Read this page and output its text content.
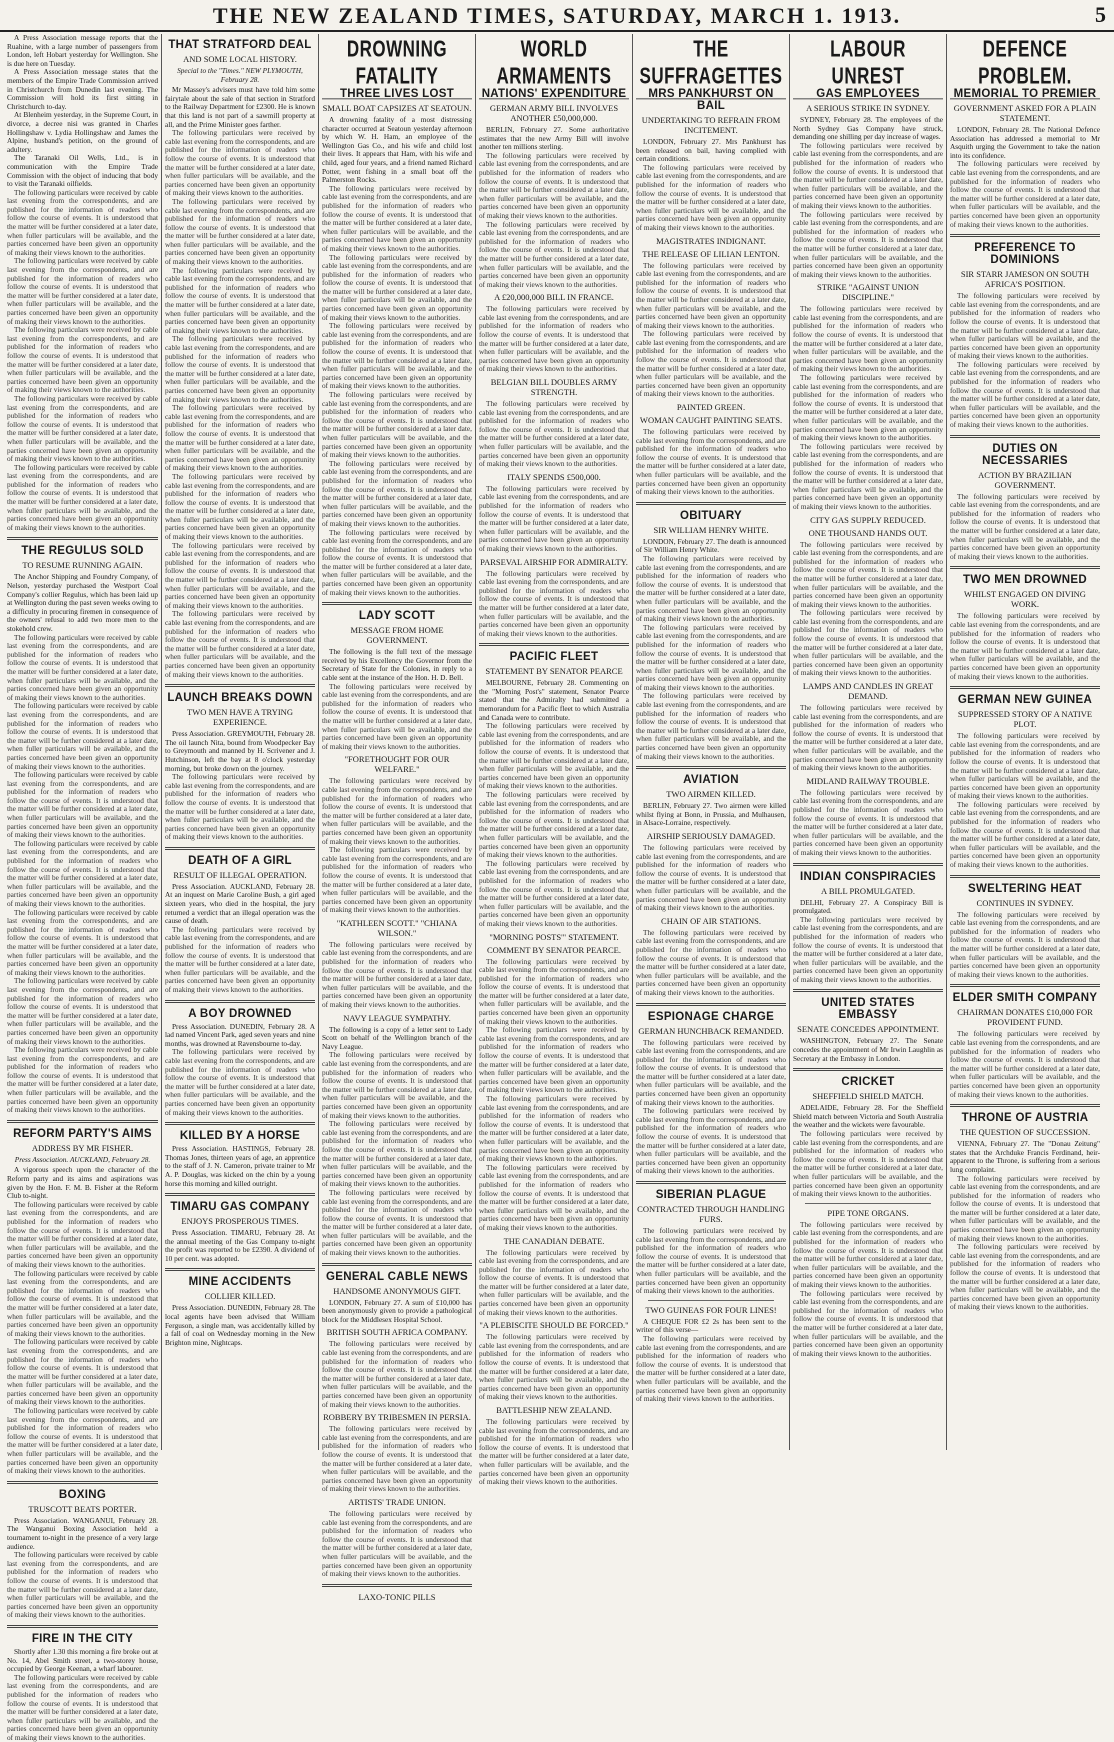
THE NEW ZEALAND TIMES, SATURDAY, MARCH 1. 1913.	5

A Press Association message reports that the Ruahine, with a large number of passengers from London, left Hobart yesterday for Wellington. She is due here on Tuesday.

A Press Association message states that the members of the Empire Trade Commission arrived in Christchurch from Dunedin last evening. The Commission will hold its first sitting in Christchurch to-day.

At Blenheim yesterday, in the Supreme Court, in divorce, a decree nisi was granted in Charles Hollingshaw v. Lydia Hollingshaw and James the Alpine, husband's petition, on the ground of adultery.

The Taranaki Oil Wells, Ltd., is in communication with the Empire Trade Commission with the object of inducing that body to visit the Taranaki oilfields.

The following particulars were received by cable last evening from the correspondents, and are published for the information of readers who follow the course of events. It is understood that the matter will be further considered at a later date, when fuller particulars will be available, and the parties concerned have been given an opportunity of making their views known to the authorities.

The following particulars were received by cable last evening from the correspondents, and are published for the information of readers who follow the course of events. It is understood that the matter will be further considered at a later date, when fuller particulars will be available, and the parties concerned have been given an opportunity of making their views known to the authorities.

The following particulars were received by cable last evening from the correspondents, and are published for the information of readers who follow the course of events. It is understood that the matter will be further considered at a later date, when fuller particulars will be available, and the parties concerned have been given an opportunity of making their views known to the authorities.

The following particulars were received by cable last evening from the correspondents, and are published for the information of readers who follow the course of events. It is understood that the matter will be further considered at a later date, when fuller particulars will be available, and the parties concerned have been given an opportunity of making their views known to the authorities.

The following particulars were received by cable last evening from the correspondents, and are published for the information of readers who follow the course of events. It is understood that the matter will be further considered at a later date, when fuller particulars will be available, and the parties concerned have been given an opportunity of making their views known to the authorities.

THE REGULUS SOLD
TO RESUME RUNNING AGAIN.

The Anchor Shipping and Foundry Company, of Nelson, yesterday purchased the Westport Coal Company's collier Regulus, which has been laid up at Wellington during the past seven weeks owing to a difficulty in procuring firemen in consequence of the owners' refusal to add two more men to the stokehold crew.

The following particulars were received by cable last evening from the correspondents, and are published for the information of readers who follow the course of events. It is understood that the matter will be further considered at a later date, when fuller particulars will be available, and the parties concerned have been given an opportunity of making their views known to the authorities.

The following particulars were received by cable last evening from the correspondents, and are published for the information of readers who follow the course of events. It is understood that the matter will be further considered at a later date, when fuller particulars will be available, and the parties concerned have been given an opportunity of making their views known to the authorities.

The following particulars were received by cable last evening from the correspondents, and are published for the information of readers who follow the course of events. It is understood that the matter will be further considered at a later date, when fuller particulars will be available, and the parties concerned have been given an opportunity of making their views known to the authorities.

The following particulars were received by cable last evening from the correspondents, and are published for the information of readers who follow the course of events. It is understood that the matter will be further considered at a later date, when fuller particulars will be available, and the parties concerned have been given an opportunity of making their views known to the authorities.

The following particulars were received by cable last evening from the correspondents, and are published for the information of readers who follow the course of events. It is understood that the matter will be further considered at a later date, when fuller particulars will be available, and the parties concerned have been given an opportunity of making their views known to the authorities.

The following particulars were received by cable last evening from the correspondents, and are published for the information of readers who follow the course of events. It is understood that the matter will be further considered at a later date, when fuller particulars will be available, and the parties concerned have been given an opportunity of making their views known to the authorities.

The following particulars were received by cable last evening from the correspondents, and are published for the information of readers who follow the course of events. It is understood that the matter will be further considered at a later date, when fuller particulars will be available, and the parties concerned have been given an opportunity of making their views known to the authorities.

REFORM PARTY'S AIMS
ADDRESS BY MR FISHER.

Press Association. AUCKLAND, February 28.

A vigorous speech upon the character of the Reform party and its aims and aspirations was given by the Hon. F. M. B. Fisher at the Reform Club to-night.

The following particulars were received by cable last evening from the correspondents, and are published for the information of readers who follow the course of events. It is understood that the matter will be further considered at a later date, when fuller particulars will be available, and the parties concerned have been given an opportunity of making their views known to the authorities.

The following particulars were received by cable last evening from the correspondents, and are published for the information of readers who follow the course of events. It is understood that the matter will be further considered at a later date, when fuller particulars will be available, and the parties concerned have been given an opportunity of making their views known to the authorities.

The following particulars were received by cable last evening from the correspondents, and are published for the information of readers who follow the course of events. It is understood that the matter will be further considered at a later date, when fuller particulars will be available, and the parties concerned have been given an opportunity of making their views known to the authorities.

The following particulars were received by cable last evening from the correspondents, and are published for the information of readers who follow the course of events. It is understood that the matter will be further considered at a later date, when fuller particulars will be available, and the parties concerned have been given an opportunity of making their views known to the authorities.

BOXING
TRUSCOTT BEATS PORTER.

Press Association. WANGANUI, February 28. The Wanganui Boxing Association held a tournament to-night in the presence of a very large audience.

The following particulars were received by cable last evening from the correspondents, and are published for the information of readers who follow the course of events. It is understood that the matter will be further considered at a later date, when fuller particulars will be available, and the parties concerned have been given an opportunity of making their views known to the authorities.

FIRE IN THE CITY

Shortly after 1.30 this morning a fire broke out at No. 14, Abel Smith street, a two-storey house, occupied by George Keenan, a wharf labourer.

The following particulars were received by cable last evening from the correspondents, and are published for the information of readers who follow the course of events. It is understood that the matter will be further considered at a later date, when fuller particulars will be available, and the parties concerned have been given an opportunity of making their views known to the authorities.

THAT STRATFORD DEAL
AND SOME LOCAL HISTORY.

Special to the "Times." NEW PLYMOUTH, February 28.

Mr Massey's advisers must have told him some fairytale about the sale of that section in Stratford to the Railway Department for £2300. He is known that this land is not part of a sawmill property at all, and the Prime Minister goes farther.

The following particulars were received by cable last evening from the correspondents, and are published for the information of readers who follow the course of events. It is understood that the matter will be further considered at a later date, when fuller particulars will be available, and the parties concerned have been given an opportunity of making their views known to the authorities.

The following particulars were received by cable last evening from the correspondents, and are published for the information of readers who follow the course of events. It is understood that the matter will be further considered at a later date, when fuller particulars will be available, and the parties concerned have been given an opportunity of making their views known to the authorities.

The following particulars were received by cable last evening from the correspondents, and are published for the information of readers who follow the course of events. It is understood that the matter will be further considered at a later date, when fuller particulars will be available, and the parties concerned have been given an opportunity of making their views known to the authorities.

The following particulars were received by cable last evening from the correspondents, and are published for the information of readers who follow the course of events. It is understood that the matter will be further considered at a later date, when fuller particulars will be available, and the parties concerned have been given an opportunity of making their views known to the authorities.

The following particulars were received by cable last evening from the correspondents, and are published for the information of readers who follow the course of events. It is understood that the matter will be further considered at a later date, when fuller particulars will be available, and the parties concerned have been given an opportunity of making their views known to the authorities.

The following particulars were received by cable last evening from the correspondents, and are published for the information of readers who follow the course of events. It is understood that the matter will be further considered at a later date, when fuller particulars will be available, and the parties concerned have been given an opportunity of making their views known to the authorities.

The following particulars were received by cable last evening from the correspondents, and are published for the information of readers who follow the course of events. It is understood that the matter will be further considered at a later date, when fuller particulars will be available, and the parties concerned have been given an opportunity of making their views known to the authorities.

The following particulars were received by cable last evening from the correspondents, and are published for the information of readers who follow the course of events. It is understood that the matter will be further considered at a later date, when fuller particulars will be available, and the parties concerned have been given an opportunity of making their views known to the authorities.

LAUNCH BREAKS DOWN
TWO MEN HAVE A TRYING EXPERIENCE.

Press Association. GREYMOUTH, February 28. The oil launch Nita, bound from Woodpecker Bay to Greymouth and manned by H. Scrivener and J. Hutchinson, left the bay at 8 o'clock yesterday morning, but broke down on the journey.

The following particulars were received by cable last evening from the correspondents, and are published for the information of readers who follow the course of events. It is understood that the matter will be further considered at a later date, when fuller particulars will be available, and the parties concerned have been given an opportunity of making their views known to the authorities.

DEATH OF A GIRL
RESULT OF ILLEGAL OPERATION.

Press Association. AUCKLAND, February 28. At an inquest on Marie Caroline Bush, a girl aged sixteen years, who died in the hospital, the jury returned a verdict that an illegal operation was the cause of death.

The following particulars were received by cable last evening from the correspondents, and are published for the information of readers who follow the course of events. It is understood that the matter will be further considered at a later date, when fuller particulars will be available, and the parties concerned have been given an opportunity of making their views known to the authorities.

A BOY DROWNED

Press Association. DUNEDIN, February 28. A lad named Vincent Park, aged seven years and nine months, was drowned at Ravensbourne to-day.

The following particulars were received by cable last evening from the correspondents, and are published for the information of readers who follow the course of events. It is understood that the matter will be further considered at a later date, when fuller particulars will be available, and the parties concerned have been given an opportunity of making their views known to the authorities.

KILLED BY A HORSE

Press Association. HASTINGS, February 28. Thomas Jones, thirteen years of age, an apprentice to the staff of J. N. Cameron, private trainer to Mr A. P. Douglas, was kicked on the chin by a young horse this morning and killed outright.

TIMARU GAS COMPANY
ENJOYS PROSPEROUS TIMES.

Press Association. TIMARU, February 28. At the annual meeting of the Gas Company to-night the profit was reported to be £2390. A dividend of 10 per cent. was adopted.

MINE ACCIDENTS
COLLIER KILLED.

Press Association. DUNEDIN, February 28. The local agents have been advised that William Ferguson, a single man, was accidentally killed by a fall of coal on Wednesday morning in the New Brighton mine, Nightcaps.

DROWNING FATALITY
THREE LIVES LOST
SMALL BOAT CAPSIZES AT SEATOUN.

A drowning fatality of a most distressing character occurred at Seatoun yesterday afternoon by which W. H. Ham, an employee of the Wellington Gas Co., and his wife and child lost their lives. It appears that Ham, with his wife and child, aged four years, and a friend named Richard Potter, went fishing in a small boat off the Palmerston Rocks.

The following particulars were received by cable last evening from the correspondents, and are published for the information of readers who follow the course of events. It is understood that the matter will be further considered at a later date, when fuller particulars will be available, and the parties concerned have been given an opportunity of making their views known to the authorities.

The following particulars were received by cable last evening from the correspondents, and are published for the information of readers who follow the course of events. It is understood that the matter will be further considered at a later date, when fuller particulars will be available, and the parties concerned have been given an opportunity of making their views known to the authorities.

The following particulars were received by cable last evening from the correspondents, and are published for the information of readers who follow the course of events. It is understood that the matter will be further considered at a later date, when fuller particulars will be available, and the parties concerned have been given an opportunity of making their views known to the authorities.

The following particulars were received by cable last evening from the correspondents, and are published for the information of readers who follow the course of events. It is understood that the matter will be further considered at a later date, when fuller particulars will be available, and the parties concerned have been given an opportunity of making their views known to the authorities.

The following particulars were received by cable last evening from the correspondents, and are published for the information of readers who follow the course of events. It is understood that the matter will be further considered at a later date, when fuller particulars will be available, and the parties concerned have been given an opportunity of making their views known to the authorities.

The following particulars were received by cable last evening from the correspondents, and are published for the information of readers who follow the course of events. It is understood that the matter will be further considered at a later date, when fuller particulars will be available, and the parties concerned have been given an opportunity of making their views known to the authorities.

LADY SCOTT
MESSAGE FROM HOME GOVERNMENT.

The following is the full text of the message received by his Excellency the Governor from the Secretary of State for the Colonies, in reply to a cable sent at the instance of the Hon. H. D. Bell.

The following particulars were received by cable last evening from the correspondents, and are published for the information of readers who follow the course of events. It is understood that the matter will be further considered at a later date, when fuller particulars will be available, and the parties concerned have been given an opportunity of making their views known to the authorities.

"FORETHOUGHT FOR OUR WELFARE."

The following particulars were received by cable last evening from the correspondents, and are published for the information of readers who follow the course of events. It is understood that the matter will be further considered at a later date, when fuller particulars will be available, and the parties concerned have been given an opportunity of making their views known to the authorities.

The following particulars were received by cable last evening from the correspondents, and are published for the information of readers who follow the course of events. It is understood that the matter will be further considered at a later date, when fuller particulars will be available, and the parties concerned have been given an opportunity of making their views known to the authorities.

"KATHLEEN SCOTT." "CHIANA WILSON."

The following particulars were received by cable last evening from the correspondents, and are published for the information of readers who follow the course of events. It is understood that the matter will be further considered at a later date, when fuller particulars will be available, and the parties concerned have been given an opportunity of making their views known to the authorities.

NAVY LEAGUE SYMPATHY.

The following is a copy of a letter sent to Lady Scott on behalf of the Wellington branch of the Navy League.

The following particulars were received by cable last evening from the correspondents, and are published for the information of readers who follow the course of events. It is understood that the matter will be further considered at a later date, when fuller particulars will be available, and the parties concerned have been given an opportunity of making their views known to the authorities.

The following particulars were received by cable last evening from the correspondents, and are published for the information of readers who follow the course of events. It is understood that the matter will be further considered at a later date, when fuller particulars will be available, and the parties concerned have been given an opportunity of making their views known to the authorities.

The following particulars were received by cable last evening from the correspondents, and are published for the information of readers who follow the course of events. It is understood that the matter will be further considered at a later date, when fuller particulars will be available, and the parties concerned have been given an opportunity of making their views known to the authorities.

GENERAL CABLE NEWS
HANDSOME ANONYMOUS GIFT.

LONDON, February 27. A sum of £10,000 has been anonymously given to provide a pathological block for the Middlesex Hospital School.

BRITISH SOUTH AFRICA COMPANY.

The following particulars were received by cable last evening from the correspondents, and are published for the information of readers who follow the course of events. It is understood that the matter will be further considered at a later date, when fuller particulars will be available, and the parties concerned have been given an opportunity of making their views known to the authorities.

ROBBERY BY TRIBESMEN IN PERSIA.

The following particulars were received by cable last evening from the correspondents, and are published for the information of readers who follow the course of events. It is understood that the matter will be further considered at a later date, when fuller particulars will be available, and the parties concerned have been given an opportunity of making their views known to the authorities.

ARTISTS' TRADE UNION.

The following particulars were received by cable last evening from the correspondents, and are published for the information of readers who follow the course of events. It is understood that the matter will be further considered at a later date, when fuller particulars will be available, and the parties concerned have been given an opportunity of making their views known to the authorities.

LAXO-TONIC PILLS
WORLD ARMAMENTS
NATIONS' EXPENDITURE
GERMAN ARMY BILL INVOLVES ANOTHER £50,000,000.

BERLIN, February 27. Some authoritative estimates that the new Army Bill will involve another ten millions sterling.

The following particulars were received by cable last evening from the correspondents, and are published for the information of readers who follow the course of events. It is understood that the matter will be further considered at a later date, when fuller particulars will be available, and the parties concerned have been given an opportunity of making their views known to the authorities.

The following particulars were received by cable last evening from the correspondents, and are published for the information of readers who follow the course of events. It is understood that the matter will be further considered at a later date, when fuller particulars will be available, and the parties concerned have been given an opportunity of making their views known to the authorities.

A £20,000,000 BILL IN FRANCE.

The following particulars were received by cable last evening from the correspondents, and are published for the information of readers who follow the course of events. It is understood that the matter will be further considered at a later date, when fuller particulars will be available, and the parties concerned have been given an opportunity of making their views known to the authorities.

BELGIAN BILL DOUBLES ARMY STRENGTH.

The following particulars were received by cable last evening from the correspondents, and are published for the information of readers who follow the course of events. It is understood that the matter will be further considered at a later date, when fuller particulars will be available, and the parties concerned have been given an opportunity of making their views known to the authorities.

ITALY SPENDS £500,000.

The following particulars were received by cable last evening from the correspondents, and are published for the information of readers who follow the course of events. It is understood that the matter will be further considered at a later date, when fuller particulars will be available, and the parties concerned have been given an opportunity of making their views known to the authorities.

PARSEVAL AIRSHIP FOR ADMIRALTY.

The following particulars were received by cable last evening from the correspondents, and are published for the information of readers who follow the course of events. It is understood that the matter will be further considered at a later date, when fuller particulars will be available, and the parties concerned have been given an opportunity of making their views known to the authorities.

PACIFIC FLEET
STATEMENT BY SENATOR PEARCE

MELBOURNE, February 28. Commenting on the "Morning Post's" statement, Senator Pearce stated that the Admiralty had submitted a memorandum for a Pacific fleet to which Australia and Canada were to contribute.

The following particulars were received by cable last evening from the correspondents, and are published for the information of readers who follow the course of events. It is understood that the matter will be further considered at a later date, when fuller particulars will be available, and the parties concerned have been given an opportunity of making their views known to the authorities.

The following particulars were received by cable last evening from the correspondents, and are published for the information of readers who follow the course of events. It is understood that the matter will be further considered at a later date, when fuller particulars will be available, and the parties concerned have been given an opportunity of making their views known to the authorities.

The following particulars were received by cable last evening from the correspondents, and are published for the information of readers who follow the course of events. It is understood that the matter will be further considered at a later date, when fuller particulars will be available, and the parties concerned have been given an opportunity of making their views known to the authorities.

"MORNING POSTS'" STATEMENT.
COMMENT BY SENATOR PEARCE.

The following particulars were received by cable last evening from the correspondents, and are published for the information of readers who follow the course of events. It is understood that the matter will be further considered at a later date, when fuller particulars will be available, and the parties concerned have been given an opportunity of making their views known to the authorities.

The following particulars were received by cable last evening from the correspondents, and are published for the information of readers who follow the course of events. It is understood that the matter will be further considered at a later date, when fuller particulars will be available, and the parties concerned have been given an opportunity of making their views known to the authorities.

The following particulars were received by cable last evening from the correspondents, and are published for the information of readers who follow the course of events. It is understood that the matter will be further considered at a later date, when fuller particulars will be available, and the parties concerned have been given an opportunity of making their views known to the authorities.

The following particulars were received by cable last evening from the correspondents, and are published for the information of readers who follow the course of events. It is understood that the matter will be further considered at a later date, when fuller particulars will be available, and the parties concerned have been given an opportunity of making their views known to the authorities.

THE CANADIAN DEBATE.

The following particulars were received by cable last evening from the correspondents, and are published for the information of readers who follow the course of events. It is understood that the matter will be further considered at a later date, when fuller particulars will be available, and the parties concerned have been given an opportunity of making their views known to the authorities.

"A PLEBISCITE SHOULD BE FORCED."

The following particulars were received by cable last evening from the correspondents, and are published for the information of readers who follow the course of events. It is understood that the matter will be further considered at a later date, when fuller particulars will be available, and the parties concerned have been given an opportunity of making their views known to the authorities.

BATTLESHIP NEW ZEALAND.

The following particulars were received by cable last evening from the correspondents, and are published for the information of readers who follow the course of events. It is understood that the matter will be further considered at a later date, when fuller particulars will be available, and the parties concerned have been given an opportunity of making their views known to the authorities.

THE SUFFRAGETTES
MRS PANKHURST ON BAIL
UNDERTAKING TO REFRAIN FROM INCITEMENT.

LONDON, February 27. Mrs Pankhurst has been released on bail, having complied with certain conditions.

The following particulars were received by cable last evening from the correspondents, and are published for the information of readers who follow the course of events. It is understood that the matter will be further considered at a later date, when fuller particulars will be available, and the parties concerned have been given an opportunity of making their views known to the authorities.

MAGISTRATES INDIGNANT.
THE RELEASE OF LILIAN LENTON.

The following particulars were received by cable last evening from the correspondents, and are published for the information of readers who follow the course of events. It is understood that the matter will be further considered at a later date, when fuller particulars will be available, and the parties concerned have been given an opportunity of making their views known to the authorities.

The following particulars were received by cable last evening from the correspondents, and are published for the information of readers who follow the course of events. It is understood that the matter will be further considered at a later date, when fuller particulars will be available, and the parties concerned have been given an opportunity of making their views known to the authorities.

PAINTED GREEN.
WOMAN CAUGHT PAINTING SEATS.

The following particulars were received by cable last evening from the correspondents, and are published for the information of readers who follow the course of events. It is understood that the matter will be further considered at a later date, when fuller particulars will be available, and the parties concerned have been given an opportunity of making their views known to the authorities.

OBITUARY
SIR WILLIAM HENRY WHITE.

LONDON, February 27. The death is announced of Sir William Henry White.

The following particulars were received by cable last evening from the correspondents, and are published for the information of readers who follow the course of events. It is understood that the matter will be further considered at a later date, when fuller particulars will be available, and the parties concerned have been given an opportunity of making their views known to the authorities.

The following particulars were received by cable last evening from the correspondents, and are published for the information of readers who follow the course of events. It is understood that the matter will be further considered at a later date, when fuller particulars will be available, and the parties concerned have been given an opportunity of making their views known to the authorities.

The following particulars were received by cable last evening from the correspondents, and are published for the information of readers who follow the course of events. It is understood that the matter will be further considered at a later date, when fuller particulars will be available, and the parties concerned have been given an opportunity of making their views known to the authorities.

AVIATION
TWO AIRMEN KILLED.

BERLIN, February 27. Two airmen were killed whilst flying at Bonn, in Prussia, and Mulhausen, in Alsace-Lorraine, respectively.

AIRSHIP SERIOUSLY DAMAGED.

The following particulars were received by cable last evening from the correspondents, and are published for the information of readers who follow the course of events. It is understood that the matter will be further considered at a later date, when fuller particulars will be available, and the parties concerned have been given an opportunity of making their views known to the authorities.

CHAIN OF AIR STATIONS.

The following particulars were received by cable last evening from the correspondents, and are published for the information of readers who follow the course of events. It is understood that the matter will be further considered at a later date, when fuller particulars will be available, and the parties concerned have been given an opportunity of making their views known to the authorities.

ESPIONAGE CHARGE
GERMAN HUNCHBACK REMANDED.

The following particulars were received by cable last evening from the correspondents, and are published for the information of readers who follow the course of events. It is understood that the matter will be further considered at a later date, when fuller particulars will be available, and the parties concerned have been given an opportunity of making their views known to the authorities.

The following particulars were received by cable last evening from the correspondents, and are published for the information of readers who follow the course of events. It is understood that the matter will be further considered at a later date, when fuller particulars will be available, and the parties concerned have been given an opportunity of making their views known to the authorities.

SIBERIAN PLAGUE
CONTRACTED THROUGH HANDLING FURS.

The following particulars were received by cable last evening from the correspondents, and are published for the information of readers who follow the course of events. It is understood that the matter will be further considered at a later date, when fuller particulars will be available, and the parties concerned have been given an opportunity of making their views known to the authorities.

TWO GUINEAS FOR FOUR LINES!

A CHEQUE FOR £2 2s has been sent to the writer of this verse—

The following particulars were received by cable last evening from the correspondents, and are published for the information of readers who follow the course of events. It is understood that the matter will be further considered at a later date, when fuller particulars will be available, and the parties concerned have been given an opportunity of making their views known to the authorities.

LABOUR UNREST
GAS EMPLOYEES
A SERIOUS STRIKE IN SYDNEY.

SYDNEY, February 28. The employees of the North Sydney Gas Company have struck, demanding one shilling per day increase of wages.

The following particulars were received by cable last evening from the correspondents, and are published for the information of readers who follow the course of events. It is understood that the matter will be further considered at a later date, when fuller particulars will be available, and the parties concerned have been given an opportunity of making their views known to the authorities.

The following particulars were received by cable last evening from the correspondents, and are published for the information of readers who follow the course of events. It is understood that the matter will be further considered at a later date, when fuller particulars will be available, and the parties concerned have been given an opportunity of making their views known to the authorities.

STRIKE "AGAINST UNION DISCIPLINE."

The following particulars were received by cable last evening from the correspondents, and are published for the information of readers who follow the course of events. It is understood that the matter will be further considered at a later date, when fuller particulars will be available, and the parties concerned have been given an opportunity of making their views known to the authorities.

The following particulars were received by cable last evening from the correspondents, and are published for the information of readers who follow the course of events. It is understood that the matter will be further considered at a later date, when fuller particulars will be available, and the parties concerned have been given an opportunity of making their views known to the authorities.

The following particulars were received by cable last evening from the correspondents, and are published for the information of readers who follow the course of events. It is understood that the matter will be further considered at a later date, when fuller particulars will be available, and the parties concerned have been given an opportunity of making their views known to the authorities.

CITY GAS SUPPLY REDUCED.
ONE THOUSAND HANDS OUT.

The following particulars were received by cable last evening from the correspondents, and are published for the information of readers who follow the course of events. It is understood that the matter will be further considered at a later date, when fuller particulars will be available, and the parties concerned have been given an opportunity of making their views known to the authorities.

The following particulars were received by cable last evening from the correspondents, and are published for the information of readers who follow the course of events. It is understood that the matter will be further considered at a later date, when fuller particulars will be available, and the parties concerned have been given an opportunity of making their views known to the authorities.

LAMPS AND CANDLES IN GREAT DEMAND.

The following particulars were received by cable last evening from the correspondents, and are published for the information of readers who follow the course of events. It is understood that the matter will be further considered at a later date, when fuller particulars will be available, and the parties concerned have been given an opportunity of making their views known to the authorities.

MIDLAND RAILWAY TROUBLE.

The following particulars were received by cable last evening from the correspondents, and are published for the information of readers who follow the course of events. It is understood that the matter will be further considered at a later date, when fuller particulars will be available, and the parties concerned have been given an opportunity of making their views known to the authorities.

INDIAN CONSPIRACIES
A BILL PROMULGATED.

DELHI, February 27. A Conspiracy Bill is promulgated.

The following particulars were received by cable last evening from the correspondents, and are published for the information of readers who follow the course of events. It is understood that the matter will be further considered at a later date, when fuller particulars will be available, and the parties concerned have been given an opportunity of making their views known to the authorities.

UNITED STATES EMBASSY
SENATE CONCEDES APPOINTMENT.

WASHINGTON, February 27. The Senate concedes the appointment of Mr Irwin Laughlin as Secretary at the Embassy in London.

CRICKET
SHEFFIELD SHIELD MATCH.

ADELAIDE, February 28. For the Sheffield Shield match between Victoria and South Australia the weather and the wickets were favourable.

The following particulars were received by cable last evening from the correspondents, and are published for the information of readers who follow the course of events. It is understood that the matter will be further considered at a later date, when fuller particulars will be available, and the parties concerned have been given an opportunity of making their views known to the authorities.

PIPE TONE ORGANS.

The following particulars were received by cable last evening from the correspondents, and are published for the information of readers who follow the course of events. It is understood that the matter will be further considered at a later date, when fuller particulars will be available, and the parties concerned have been given an opportunity of making their views known to the authorities.

The following particulars were received by cable last evening from the correspondents, and are published for the information of readers who follow the course of events. It is understood that the matter will be further considered at a later date, when fuller particulars will be available, and the parties concerned have been given an opportunity of making their views known to the authorities.

DEFENCE PROBLEM.
MEMORIAL TO PREMIER
GOVERNMENT ASKED FOR A PLAIN STATEMENT.

LONDON, February 28. The National Defence Association has addressed a memorial to Mr Asquith urging the Government to take the nation into its confidence.

The following particulars were received by cable last evening from the correspondents, and are published for the information of readers who follow the course of events. It is understood that the matter will be further considered at a later date, when fuller particulars will be available, and the parties concerned have been given an opportunity of making their views known to the authorities.

PREFERENCE TO DOMINIONS
SIR STARR JAMESON ON SOUTH AFRICA'S POSITION.

The following particulars were received by cable last evening from the correspondents, and are published for the information of readers who follow the course of events. It is understood that the matter will be further considered at a later date, when fuller particulars will be available, and the parties concerned have been given an opportunity of making their views known to the authorities.

The following particulars were received by cable last evening from the correspondents, and are published for the information of readers who follow the course of events. It is understood that the matter will be further considered at a later date, when fuller particulars will be available, and the parties concerned have been given an opportunity of making their views known to the authorities.

DUTIES ON NECESSARIES
ACTION BY BRAZILIAN GOVERNMENT.

The following particulars were received by cable last evening from the correspondents, and are published for the information of readers who follow the course of events. It is understood that the matter will be further considered at a later date, when fuller particulars will be available, and the parties concerned have been given an opportunity of making their views known to the authorities.

TWO MEN DROWNED
WHILST ENGAGED ON DIVING WORK.

The following particulars were received by cable last evening from the correspondents, and are published for the information of readers who follow the course of events. It is understood that the matter will be further considered at a later date, when fuller particulars will be available, and the parties concerned have been given an opportunity of making their views known to the authorities.

GERMAN NEW GUINEA
SUPPRESSED STORY OF A NATIVE PLOT.

The following particulars were received by cable last evening from the correspondents, and are published for the information of readers who follow the course of events. It is understood that the matter will be further considered at a later date, when fuller particulars will be available, and the parties concerned have been given an opportunity of making their views known to the authorities.

The following particulars were received by cable last evening from the correspondents, and are published for the information of readers who follow the course of events. It is understood that the matter will be further considered at a later date, when fuller particulars will be available, and the parties concerned have been given an opportunity of making their views known to the authorities.

SWELTERING HEAT
CONTINUES IN SYDNEY.

The following particulars were received by cable last evening from the correspondents, and are published for the information of readers who follow the course of events. It is understood that the matter will be further considered at a later date, when fuller particulars will be available, and the parties concerned have been given an opportunity of making their views known to the authorities.

ELDER SMITH COMPANY
CHAIRMAN DONATES £10,000 FOR PROVIDENT FUND.

The following particulars were received by cable last evening from the correspondents, and are published for the information of readers who follow the course of events. It is understood that the matter will be further considered at a later date, when fuller particulars will be available, and the parties concerned have been given an opportunity of making their views known to the authorities.

THRONE OF AUSTRIA
THE QUESTION OF SUCCESSION.

VIENNA, February 27. The "Donau Zeitung" states that the Archduke Francis Ferdinand, heir-apparent to the Throne, is suffering from a serious lung complaint.

The following particulars were received by cable last evening from the correspondents, and are published for the information of readers who follow the course of events. It is understood that the matter will be further considered at a later date, when fuller particulars will be available, and the parties concerned have been given an opportunity of making their views known to the authorities.

The following particulars were received by cable last evening from the correspondents, and are published for the information of readers who follow the course of events. It is understood that the matter will be further considered at a later date, when fuller particulars will be available, and the parties concerned have been given an opportunity of making their views known to the authorities.
